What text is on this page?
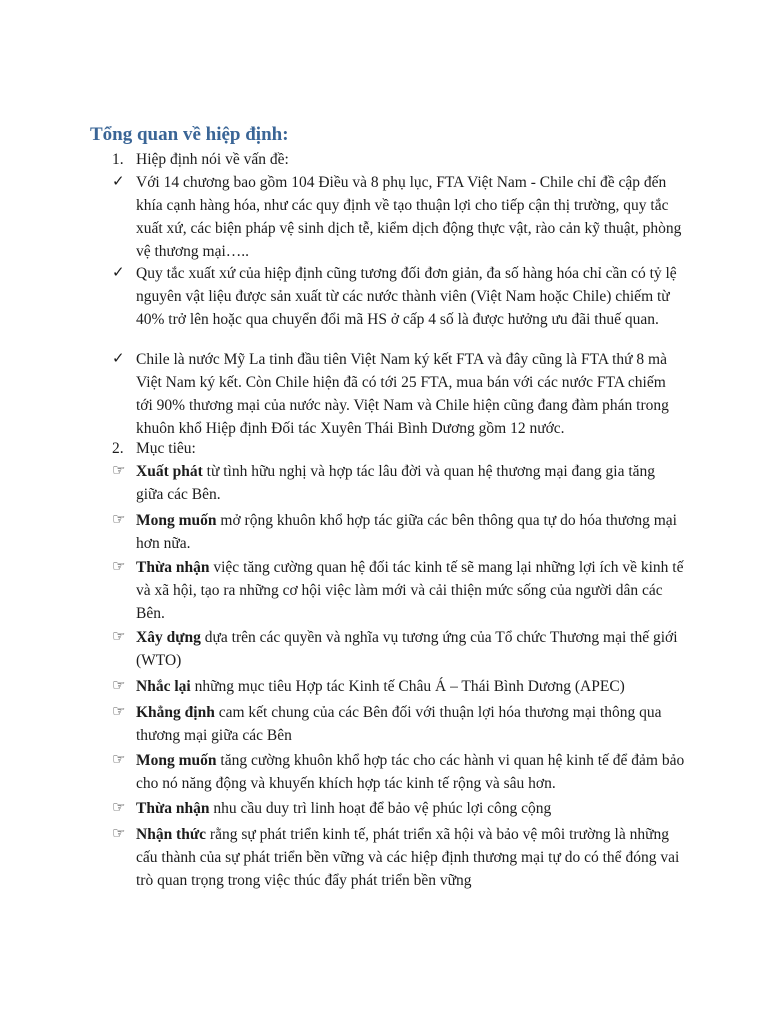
Tổng quan về hiệp định:
1. Hiệp định nói về vấn đề:
✓ Với 14 chương bao gồm 104 Điều và 8 phụ lục, FTA Việt Nam - Chile chỉ đề cập đến khía cạnh hàng hóa, như các quy định về tạo thuận lợi cho tiếp cận thị trường, quy tắc xuất xứ, các biện pháp vệ sinh dịch tễ, kiểm dịch động thực vật, rào cản kỹ thuật, phòng vệ thương mại…..
✓ Quy tắc xuất xứ của hiệp định cũng tương đối đơn giản, đa số hàng hóa chỉ cần có tỷ lệ nguyên vật liệu được sản xuất từ các nước thành viên (Việt Nam hoặc Chile) chiếm từ 40% trở lên hoặc qua chuyển đổi mã HS ở cấp 4 số là được hưởng ưu đãi thuế quan.
✓ Chile là nước Mỹ La tinh đầu tiên Việt Nam ký kết FTA và đây cũng là FTA thứ 8 mà Việt Nam ký kết. Còn Chile hiện đã có tới 25 FTA, mua bán với các nước FTA chiếm tới 90% thương mại của nước này. Việt Nam và Chile hiện cũng đang đàm phán trong khuôn khổ Hiệp định Đối tác Xuyên Thái Bình Dương gồm 12 nước.
2. Mục tiêu:
☞ Xuất phát từ tình hữu nghị và hợp tác lâu đời và quan hệ thương mại đang gia tăng giữa các Bên.
☞ Mong muốn mở rộng khuôn khổ hợp tác giữa các bên thông qua tự do hóa thương mại hơn nữa.
☞ Thừa nhận việc tăng cường quan hệ đối tác kinh tế sẽ mang lại những lợi ích về kinh tế và xã hội, tạo ra những cơ hội việc làm mới và cải thiện mức sống của người dân các Bên.
☞ Xây dựng dựa trên các quyền và nghĩa vụ tương ứng của Tổ chức Thương mại thế giới (WTO)
☞ Nhắc lại những mục tiêu Hợp tác Kinh tế Châu Á – Thái Bình Dương (APEC)
☞ Khẳng định cam kết chung của các Bên đối với thuận lợi hóa thương mại thông qua thương mại giữa các Bên
☞ Mong muốn tăng cường khuôn khổ hợp tác cho các hành vi quan hệ kinh tế để đảm bảo cho nó năng động và khuyến khích hợp tác kinh tế rộng và sâu hơn.
☞ Thừa nhận nhu cầu duy trì linh hoạt để bảo vệ phúc lợi công cộng
☞ Nhận thức rằng sự phát triển kinh tế, phát triển xã hội và bảo vệ môi trường là những cấu thành của sự phát triển bền vững và các hiệp định thương mại tự do có thể đóng vai trò quan trọng trong việc thúc đẩy phát triển bền vững
